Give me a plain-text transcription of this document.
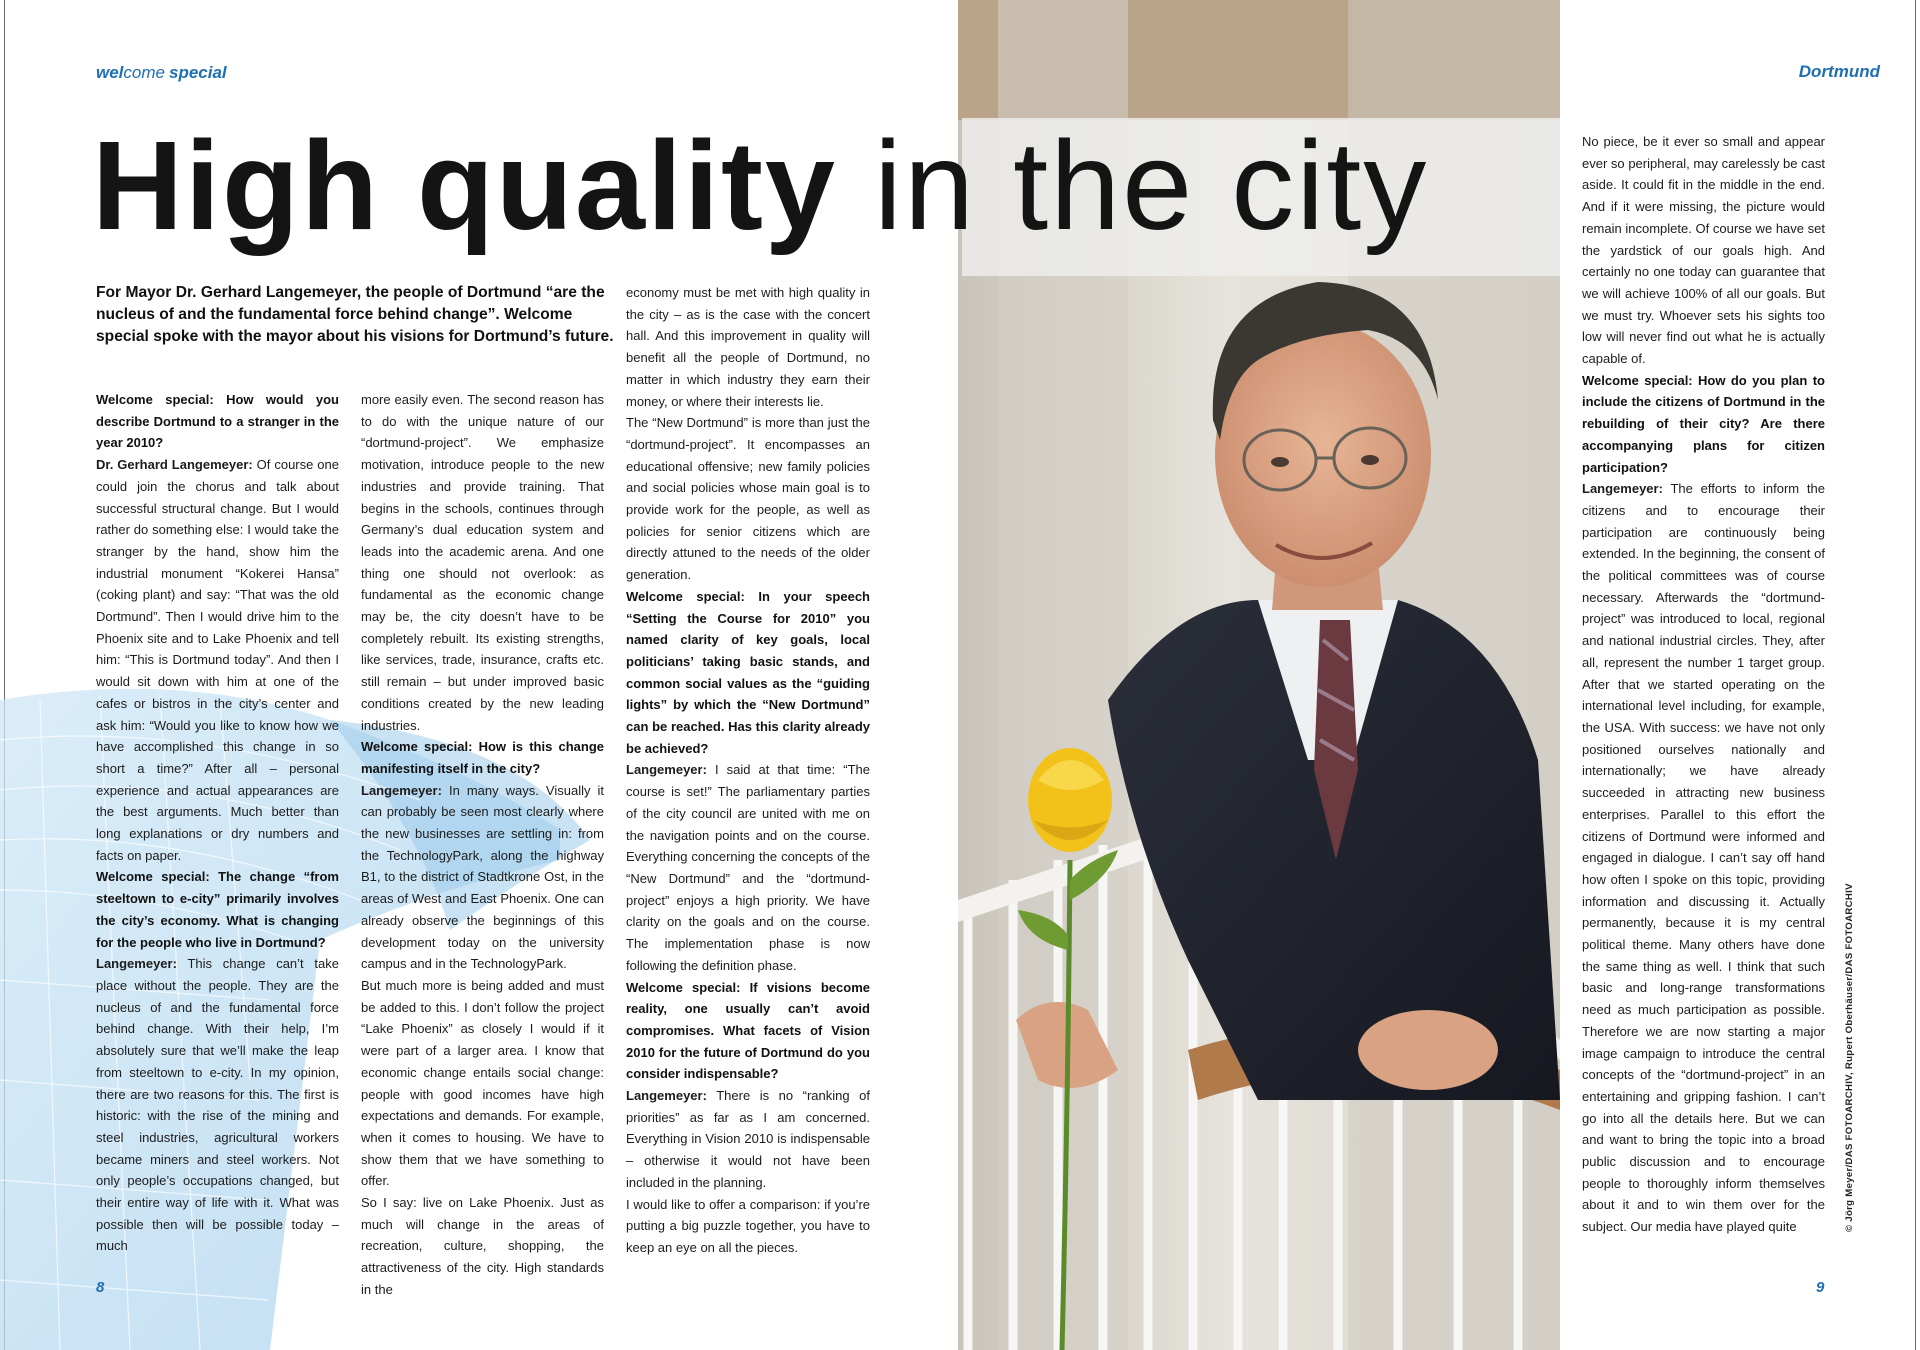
welcome special	Dortmund
High quality in the city
For Mayor Dr. Gerhard Langemeyer, the people of Dortmund “are the nucleus of and the fundamental force behind change”. Welcome special spoke with the mayor about his visions for Dortmund’s future.

Welcome special: How would you describe Dortmund to a stranger in the year 2010?

Dr. Gerhard Langemeyer: Of course one could join the chorus and talk about successful structural change. But I would rather do something else: I would take the stranger by the hand, show him the industrial monument “Kokerei Hansa” (coking plant) and say: “That was the old Dortmund”. Then I would drive him to the Phoenix site and to Lake Phoenix and tell him: “This is Dortmund today”. And then I would sit down with him at one of the cafes or bistros in the city’s center and ask him: “Would you like to know how we have accomplished this change in so short a time?” After all – personal experience and actual appearances are the best arguments. Much better than long explanations or dry numbers and facts on paper.

Welcome special: The change “from steeltown to e-city” primarily involves the city’s economy. What is changing for the people who live in Dortmund?

Langemeyer: This change can’t take place without the people. They are the nucleus of and the fundamental force behind change. With their help, I’m absolutely sure that we’ll make the leap from steeltown to e-city. In my opinion, there are two reasons for this. The first is historic: with the rise of the mining and steel industries, agricultural workers became miners and steel workers. Not only people’s occupations changed, but their entire way of life with it. What was possible then will be possible today – much

more easily even. The second reason has to do with the unique nature of our “dortmund-project”. We emphasize motivation, introduce people to the new industries and provide training. That begins in the schools, continues through Germany’s dual education system and leads into the academic arena. And one thing one should not overlook: as fundamental as the economic change may be, the city doesn’t have to be completely rebuilt. Its existing strengths, like services, trade, insurance, crafts etc. still remain – but under improved basic conditions created by the new leading industries.

Welcome special: How is this change manifesting itself in the city?

Langemeyer: In many ways. Visually it can probably be seen most clearly where the new businesses are settling in: from the TechnologyPark, along the highway B1, to the district of Stadtkrone Ost, in the areas of West and East Phoenix. One can already observe the beginnings of this development today on the university campus and in the TechnologyPark.

But much more is being added and must be added to this. I don’t follow the project “Lake Phoenix” as closely I would if it were part of a larger area. I know that economic change entails social change: people with good incomes have high expectations and demands. For example, when it comes to housing. We have to show them that we have something to offer.

So I say: live on Lake Phoenix. Just as much will change in the areas of recreation, culture, shopping, the attractiveness of the city. High standards in the

economy must be met with high quality in the city – as is the case with the concert hall. And this improvement in quality will benefit all the people of Dortmund, no matter in which industry they earn their money, or where their interests lie.

The “New Dortmund” is more than just the “dortmund-project”. It encompasses an educational offensive; new family policies and social policies whose main goal is to provide work for the people, as well as policies for senior citizens which are directly attuned to the needs of the older generation.

Welcome special: In your speech “Setting the Course for 2010” you named clarity of key goals, local politicians’ taking basic stands, and common social values as the “guiding lights” by which the “New Dortmund” can be reached. Has this clarity already be achieved?

Langemeyer: I said at that time: “The course is set!” The parliamentary parties of the city council are united with me on the navigation points and on the course. Everything concerning the concepts of the “New Dortmund” and the “dortmund-project” enjoys a high priority. We have clarity on the goals and on the course. The implementation phase is now following the definition phase.

Welcome special: If visions become reality, one usually can’t avoid compromises. What facets of Vision 2010 for the future of Dortmund do you consider indispensable?

Langemeyer: There is no “ranking of priorities” as far as I am concerned. Everything in Vision 2010 is indispensable – otherwise it would not have been included in the planning.

I would like to offer a comparison: if you’re putting a big puzzle together, you have to keep an eye on all the pieces.

No piece, be it ever so small and appear ever so peripheral, may carelessly be cast aside. It could fit in the middle in the end. And if it were missing, the picture would remain incomplete. Of course we have set the yardstick of our goals high. And certainly no one today can guarantee that we will achieve 100% of all our goals. But we must try. Whoever sets his sights too low will never find out what he is actually capable of.

Welcome special: How do you plan to include the citizens of Dortmund in the rebuilding of their city? Are there accompanying plans for citizen participation?

Langemeyer: The efforts to inform the citizens and to encourage their participation are continuously being extended. In the beginning, the consent of the political committees was of course necessary. Afterwards the “dortmund-project” was introduced to local, regional and national industrial circles. They, after all, represent the number 1 target group. After that we started operating on the international level including, for example, the USA. With success: we have not only positioned ourselves nationally and internationally; we have already succeeded in attracting new business enterprises. Parallel to this effort the citizens of Dortmund were informed and engaged in dialogue. I can’t say off hand how often I spoke on this topic, providing information and discussing it. Actually permanently, because it is my central political theme. Many others have done the same thing as well. I think that such basic and long-range transformations need as much participation as possible. Therefore we are now starting a major image campaign to introduce the central concepts of the “dortmund-project” in an entertaining and gripping fashion. I can’t go into all the details here. But we can and want to bring the topic into a broad public discussion and to encourage people to thoroughly inform themselves about it and to win them over for the subject. Our media have played quite

8	9
© Jörg Meyer/DAS FOTOARCHIV, Rupert Oberhäuser/DAS FOTOARCHIV
